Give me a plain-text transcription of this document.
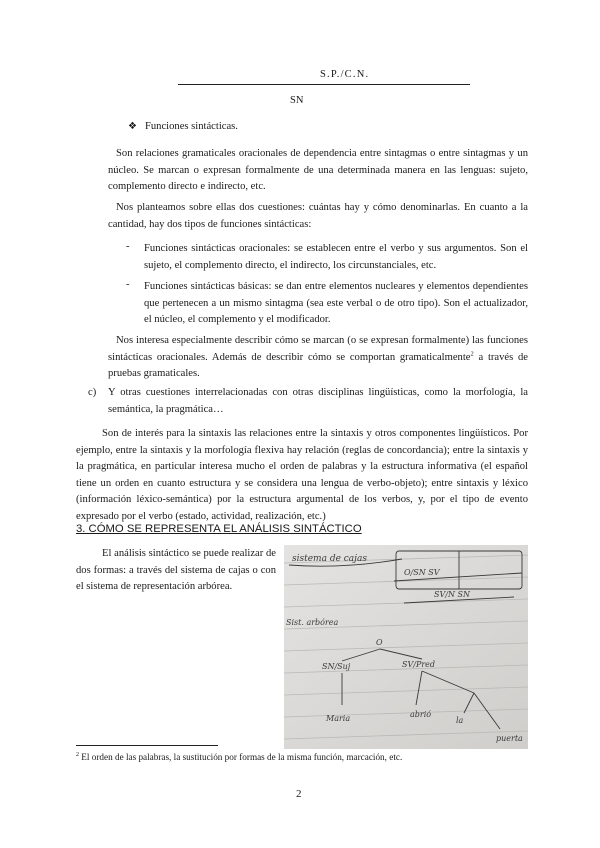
S.P./C.N.
SN
❖ Funciones sintácticas.

Son relaciones gramaticales oracionales de dependencia entre sintagmas o entre sintagmas y un núcleo. Se marcan o expresan formalmente de una determinada manera en las lenguas: sujeto, complemento directo e indirecto, etc.

Nos planteamos sobre ellas dos cuestiones: cuántas hay y cómo denominarlas. En cuanto a la cantidad, hay dos tipos de funciones sintácticas:

- Funciones sintácticas oracionales: se establecen entre el verbo y sus argumentos. Son el sujeto, el complemento directo, el indirecto, los circunstanciales, etc.

- Funciones sintácticas básicas: se dan entre elementos nucleares y elementos dependientes que pertenecen a un mismo sintagma (sea este verbal o de otro tipo). Son el actualizador, el núcleo, el complemento y el modificador.

Nos interesa especialmente describir cómo se marcan (o se expresan formalmente) las funciones sintácticas oracionales. Además de describir cómo se comportan gramaticalmente$^2$ a través de pruebas gramaticales.

c) Y otras cuestiones interrelacionadas con otras disciplinas lingüísticas, como la morfología, la semántica, la pragmática…

Son de interés para la sintaxis las relaciones entre la sintaxis y otros componentes lingüísticos. Por ejemplo, entre la sintaxis y la morfología flexiva hay relación (reglas de concordancia); entre la sintaxis y la pragmática, en particular interesa mucho el orden de palabras y la estructura informativa (el español tiene un orden en cuanto estructura y se considera una lengua de verbo-objeto); entre sintaxis y léxico (información léxico-semántica) por la estructura argumental de los verbos, y, por el tipo de evento expresado por el verbo (estado, actividad, realización, etc.)

3. CÓMO SE REPRESENTA EL ANÁLISIS SINTÁCTICO

El análisis sintáctico se puede realizar de dos formas: a través del sistema de cajas o con el sistema de representación arbórea.

sistema de cajas
O/SN SV
SV/N SN
Sist. arbórea
O
SN/Suj	SV/Pred
Maria	abrió
la
puerta
$^2$ El orden de las palabras, la sustitución por formas de la misma función, marcación, etc.
2
